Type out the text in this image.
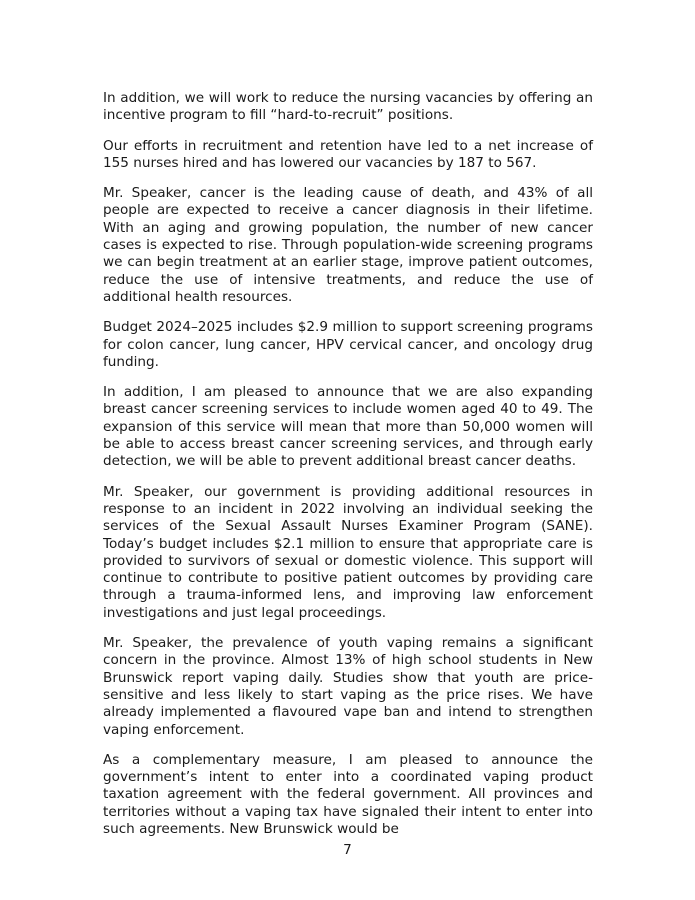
In addition, we will work to reduce the nursing vacancies by offering an incentive program to fill “hard-to-recruit” positions.

Our efforts in recruitment and retention have led to a net increase of 155 nurses hired and has lowered our vacancies by 187 to 567.

Mr. Speaker, cancer is the leading cause of death, and 43% of all people are expected to receive a cancer diagnosis in their lifetime. With an aging and growing population, the number of new cancer cases is expected to rise. Through population-wide screening programs we can begin treatment at an earlier stage, improve patient outcomes, reduce the use of intensive treatments, and reduce the use of additional health resources.

Budget 2024–2025 includes $2.9 million to support screening programs for colon cancer, lung cancer, HPV cervical cancer, and oncology drug funding.

In addition, I am pleased to announce that we are also expanding breast cancer screening services to include women aged 40 to 49. The expansion of this service will mean that more than 50,000 women will be able to access breast cancer screening services, and through early detection, we will be able to prevent additional breast cancer deaths.

Mr. Speaker, our government is providing additional resources in response to an incident in 2022 involving an individual seeking the services of the Sexual Assault Nurses Examiner Program (SANE). Today’s budget includes $2.1 million to ensure that appropriate care is provided to survivors of sexual or domestic violence. This support will continue to contribute to positive patient outcomes by providing care through a trauma-informed lens, and improving law enforcement investigations and just legal proceedings.

Mr. Speaker, the prevalence of youth vaping remains a significant concern in the province. Almost 13% of high school students in New Brunswick report vaping daily. Studies show that youth are price-sensitive and less likely to start vaping as the price rises. We have already implemented a flavoured vape ban and intend to strengthen vaping enforcement.

As a complementary measure, I am pleased to announce the government’s intent to enter into a coordinated vaping product taxation agreement with the federal government. All provinces and territories without a vaping tax have signaled their intent to enter into such agreements. New Brunswick would be

7
